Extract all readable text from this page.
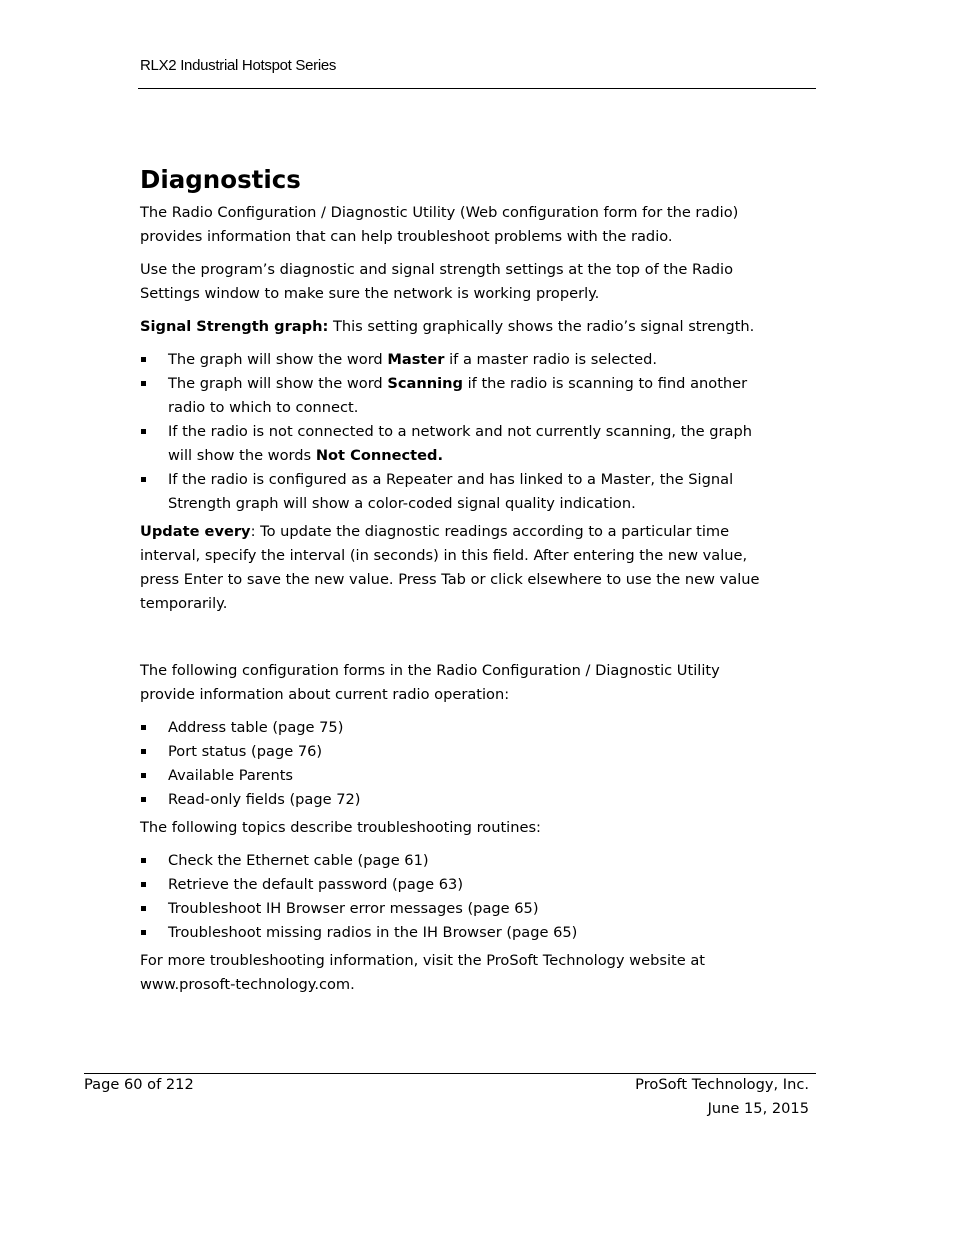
RLX2 Industrial Hotspot Series
Diagnostics

The Radio Configuration / Diagnostic Utility (Web configuration form for the radio) provides information that can help troubleshoot problems with the radio.

Use the program’s diagnostic and signal strength settings at the top of the Radio Settings window to make sure the network is working properly.

Signal Strength graph: This setting graphically shows the radio’s signal strength.

The graph will show the word Master if a master radio is selected.
The graph will show the word Scanning if the radio is scanning to find another radio to which to connect.
If the radio is not connected to a network and not currently scanning, the graph will show the words Not Connected.
If the radio is configured as a Repeater and has linked to a Master, the Signal Strength graph will show a color-coded signal quality indication.

Update every: To update the diagnostic readings according to a particular time interval, specify the interval (in seconds) in this field. After entering the new value, press Enter to save the new value. Press Tab or click elsewhere to use the new value temporarily.

The following configuration forms in the Radio Configuration / Diagnostic Utility provide information about current radio operation:

Address table (page 75)
Port status (page 76)
Available Parents
Read-only fields (page 72)

The following topics describe troubleshooting routines:

Check the Ethernet cable (page 61)
Retrieve the default password (page 63)
Troubleshoot IH Browser error messages (page 65)
Troubleshoot missing radios in the IH Browser (page 65)

For more troubleshooting information, visit the ProSoft Technology website at www.prosoft-technology.com.

Page 60 of 212	ProSoft Technology, Inc.
June 15, 2015
